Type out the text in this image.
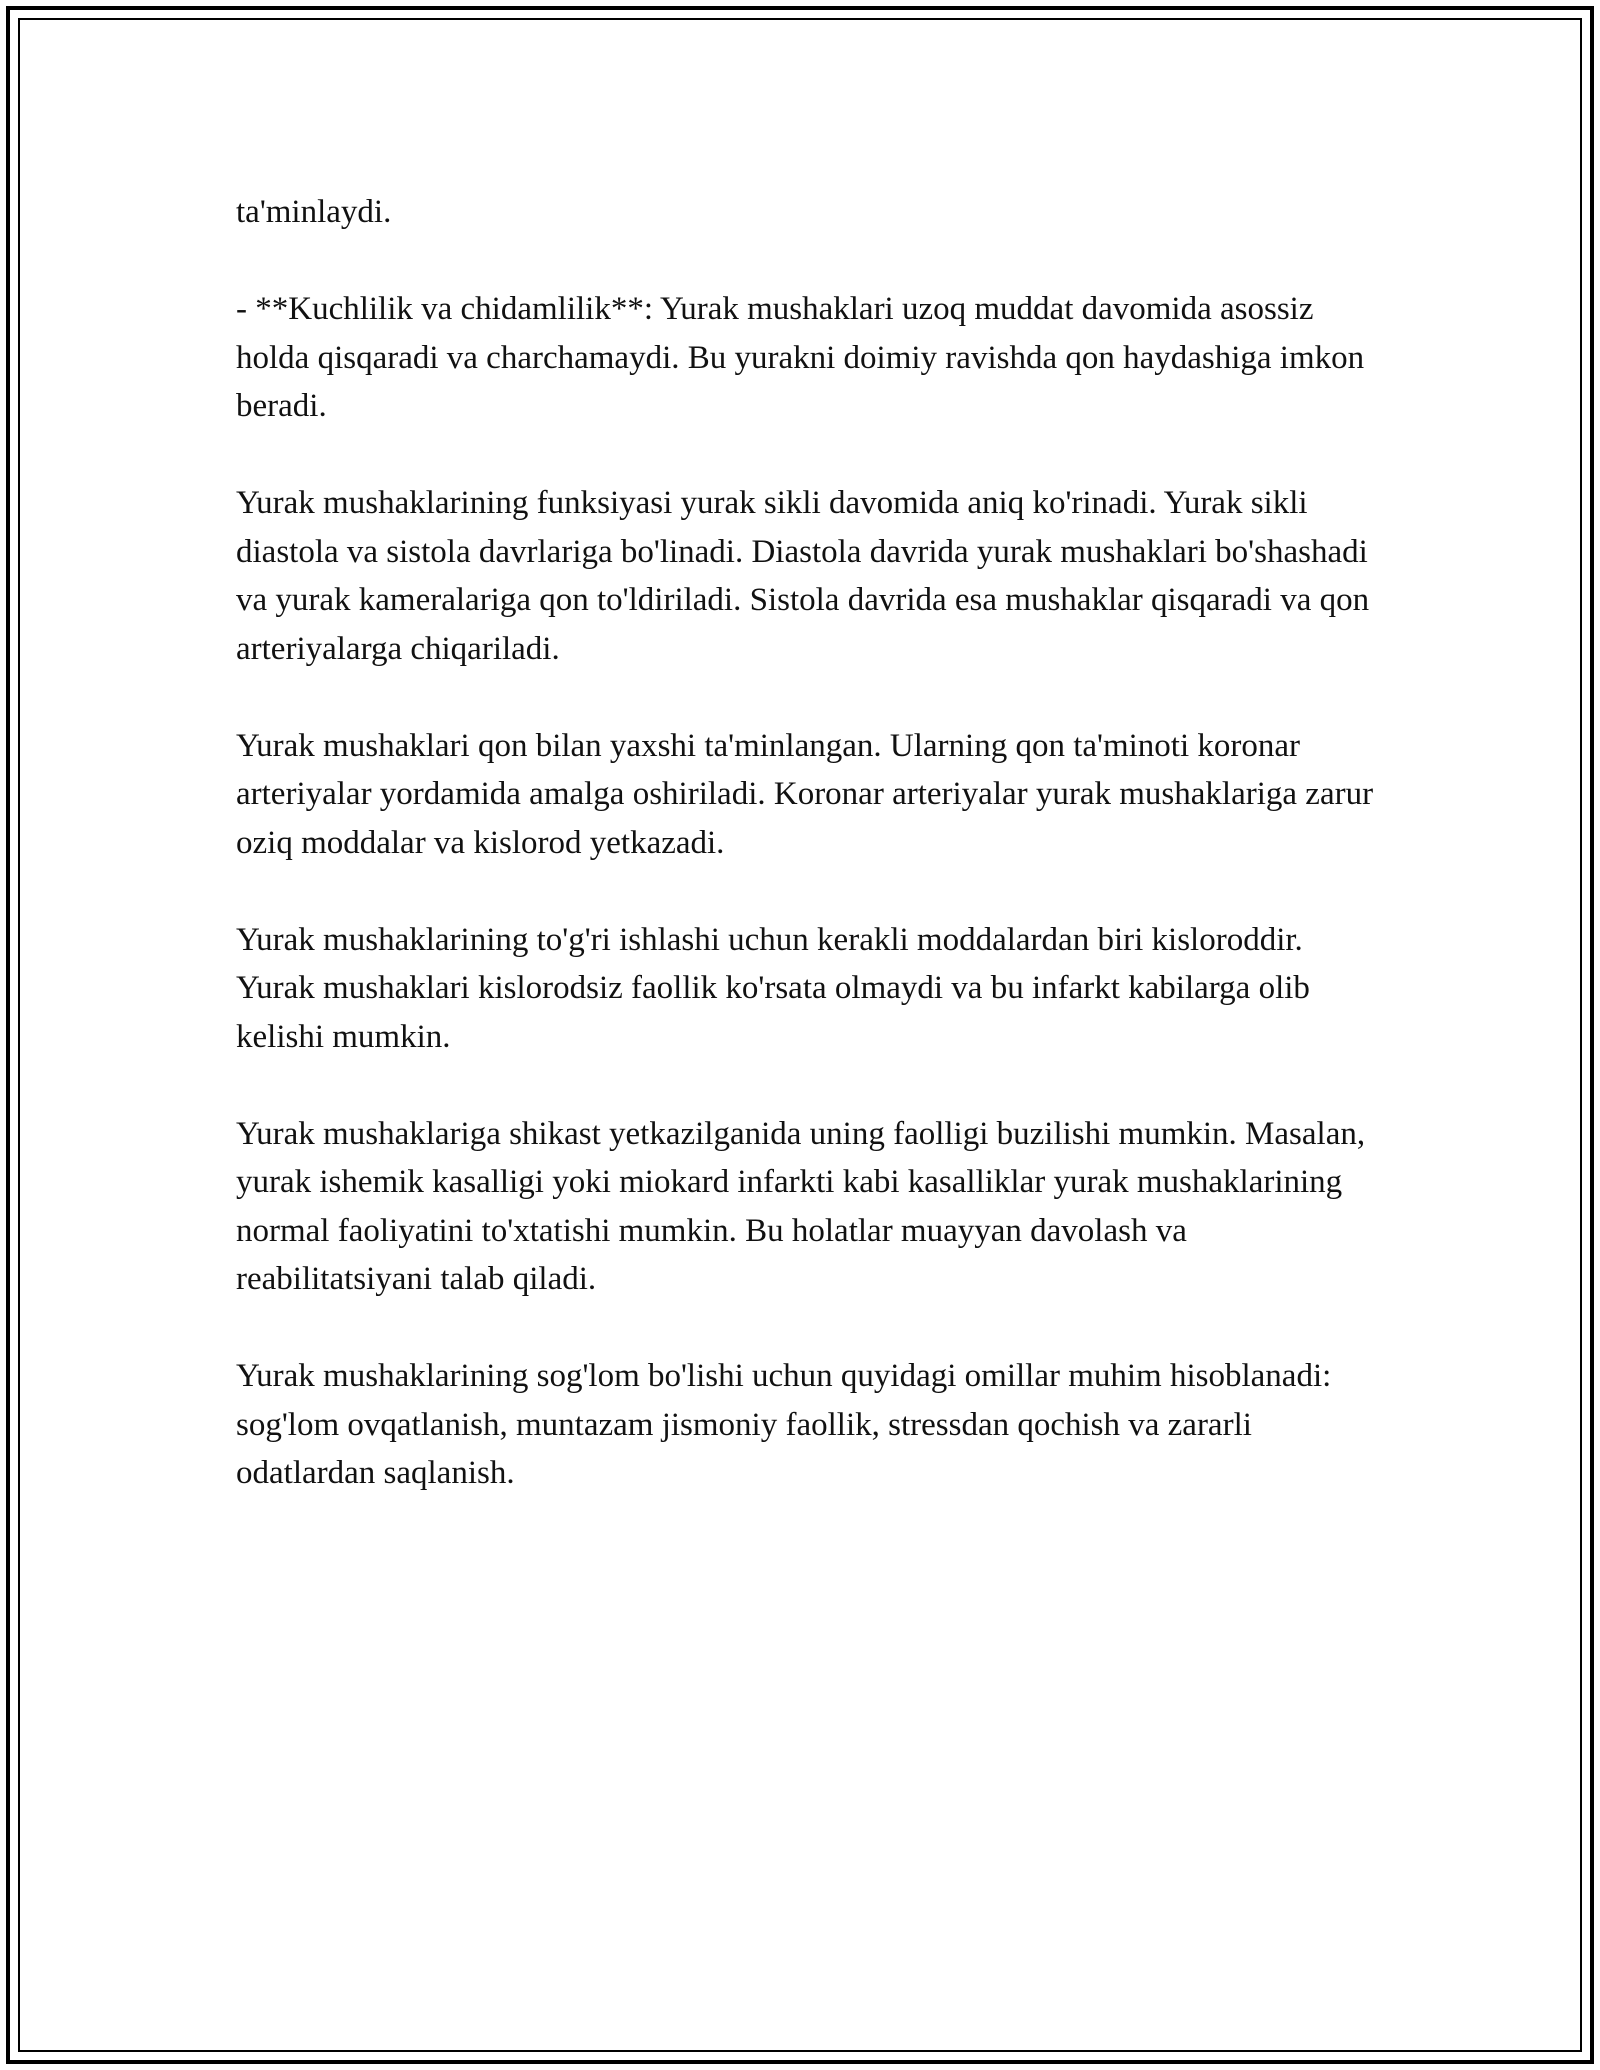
ta'minlaydi.

- **Kuchlilik va chidamlilik**: Yurak mushaklari uzoq muddat davomida asossiz holda qisqaradi va charchamaydi. Bu yurakni doimiy ravishda qon haydashiga imkon beradi.

Yurak mushaklarining funksiyasi yurak sikli davomida aniq ko'rinadi. Yurak sikli diastola va sistola davrlariga bo'linadi. Diastola davrida yurak mushaklari bo'shashadi va yurak kameralariga qon to'ldiriladi. Sistola davrida esa mushaklar qisqaradi va qon arteriyalarga chiqariladi.

Yurak mushaklari qon bilan yaxshi ta'minlangan. Ularning qon ta'minoti koronar arteriyalar yordamida amalga oshiriladi. Koronar arteriyalar yurak mushaklariga zarur oziq moddalar va kislorod yetkazadi.

Yurak mushaklarining to'g'ri ishlashi uchun kerakli moddalardan biri kisloroddir. Yurak mushaklari kislorodsiz faollik ko'rsata olmaydi va bu infarkt kabilarga olib kelishi mumkin.

Yurak mushaklariga shikast yetkazilganida uning faolligi buzilishi mumkin. Masalan, yurak ishemik kasalligi yoki miokard infarkti kabi kasalliklar yurak mushaklarining normal faoliyatini to'xtatishi mumkin. Bu holatlar muayyan davolash va reabilitatsiyani talab qiladi.

Yurak mushaklarining sog'lom bo'lishi uchun quyidagi omillar muhim hisoblanadi: sog'lom ovqatlanish, muntazam jismoniy faollik, stressdan qochish va zararli odatlardan saqlanish.
